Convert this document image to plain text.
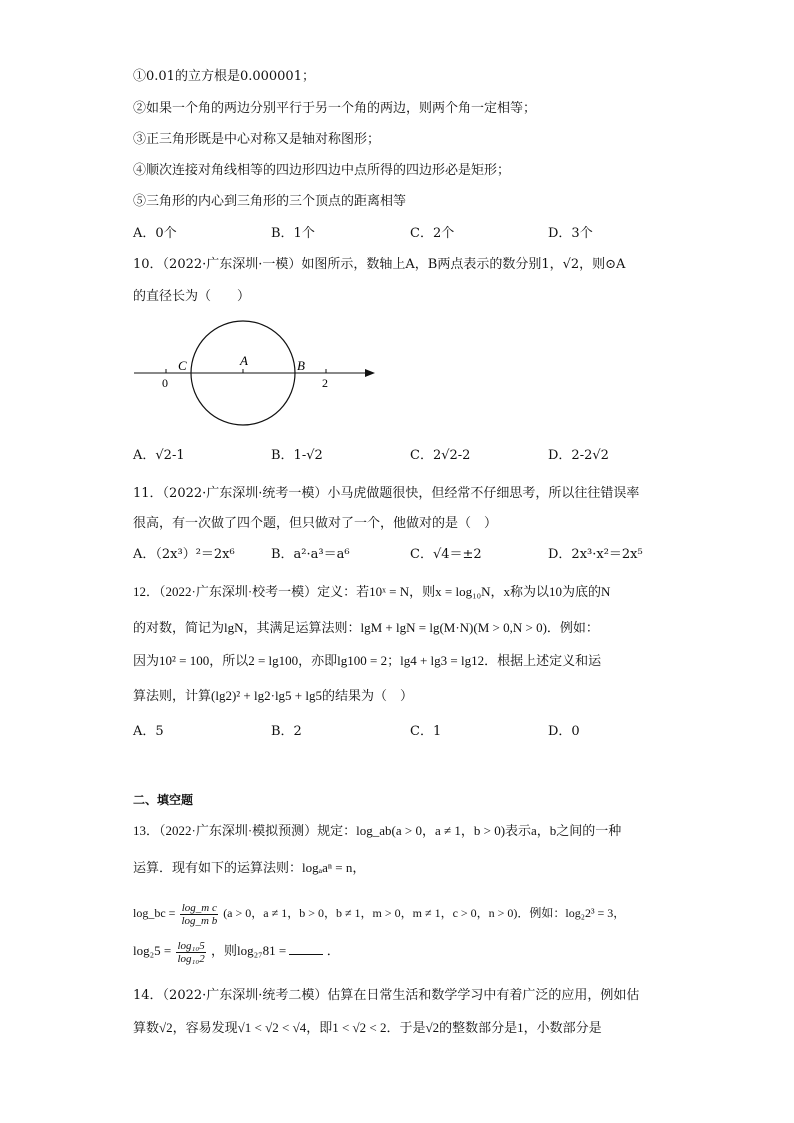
①0.01的立方根是0.000001；
②如果一个角的两边分别平行于另一个角的两边，则两个角一定相等；
③正三角形既是中心对称又是轴对称图形；
④顺次连接对角线相等的四边形四边中点所得的四边形必是矩形；
⑤三角形的内心到三角形的三个顶点的距离相等
A．0个	B．1个	C．2个	D．3个
10．（2022·广东深圳·一模）如图所示，数轴上A，B两点表示的数分别1，√2，则⊙A
的直径长为（　　）
C	A	B
0	2
A．√2-1	B．1-√2	C．2√2-2	D．2-2√2
11．（2022·广东深圳·统考一模）小马虎做题很快，但经常不仔细思考，所以往往错误率
很高，有一次做了四个题，但只做对了一个，他做对的是（　）
A．（2x³）²＝2x⁶	B．a²·a³＝a⁶	C．√4＝±2	D．2x³·x²＝2x⁵
12．（2022·广东深圳·校考一模）定义：若10ˣ = N，则x = log₁₀N，x称为以10为底的N
的对数，简记为lgN，其满足运算法则：lgM + lgN = lg(M·N)(M > 0,N > 0)．例如：
因为10² = 100，所以2 = lg100，亦即lg100 = 2；lg4 + lg3 = lg12．根据上述定义和运
算法则，计算(lg2)² + lg2·lg5 + lg5的结果为（　）
A．5	B．2	C．1	D．0
二、填空题
13．（2022·广东深圳·模拟预测）规定：log_ab(a > 0，a ≠ 1，b > 0)表示a，b之间的一种
运算．现有如下的运算法则：logₐaⁿ = n，
log_bc = $\frac{\text{log\_m c}}{\text{log\_m b}} (a > 0$，a ≠ 1，b > 0，b ≠ 1，m > 0，m ≠ 1，c > 0，n > 0)．例如：log₂2³ = 3，
$\log_25 = \frac{\text{log₁₀5}}{\text{log₁₀2}}$ ，则log₂₇81 =	．
14．（2022·广东深圳·统考二模）估算在日常生活和数学学习中有着广泛的应用，例如估
算数√2，容易发现√1 < √2 < √4，即1 < √2 < 2．于是√2的整数部分是1，小数部分是
